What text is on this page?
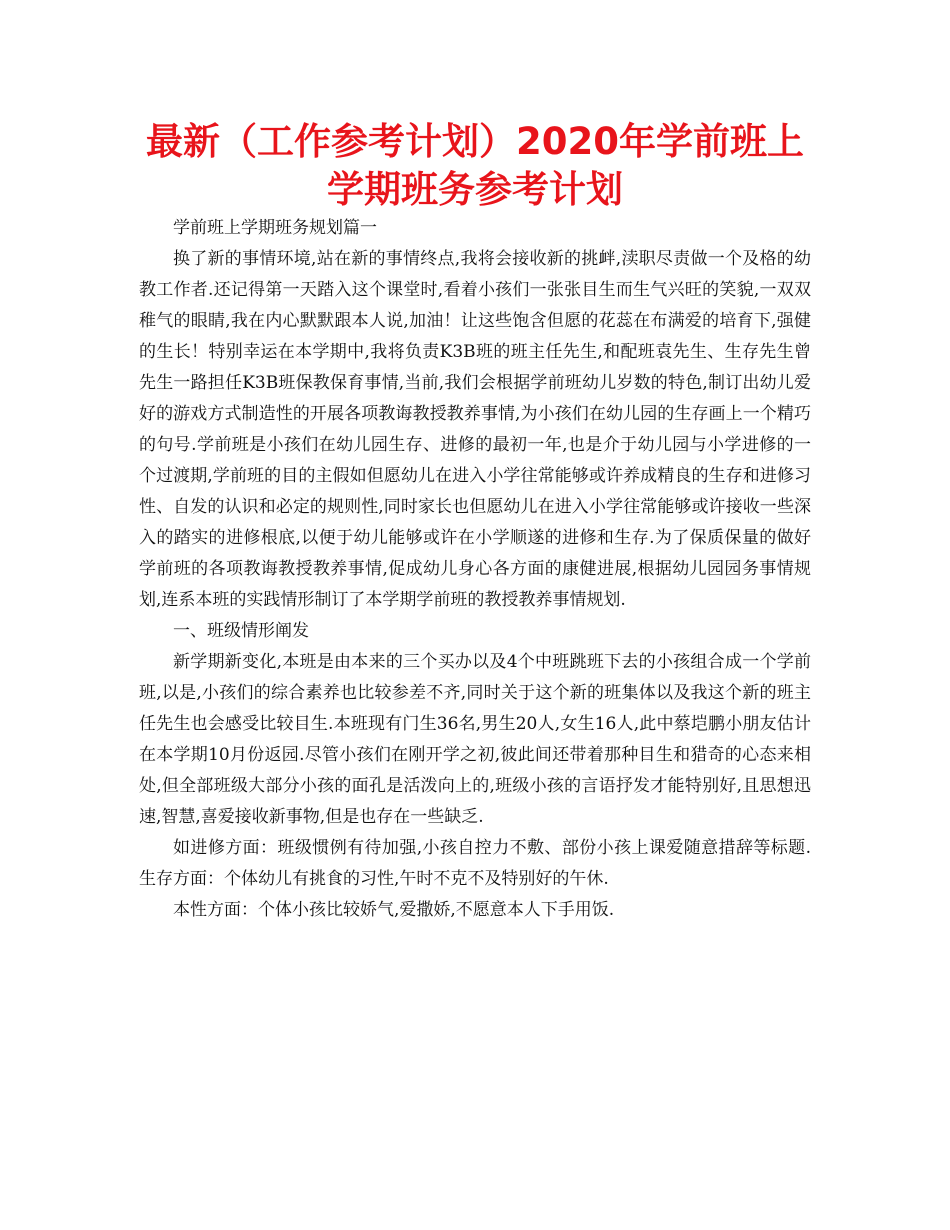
最新（工作参考计划）2020年学前班上学期班务参考计划

学前班上学期班务规划篇一

换了新的事情环境,站在新的事情终点,我将会接收新的挑衅,渎职尽责做一个及格的幼教工作者.还记得第一天踏入这个课堂时,看着小孩们一张张目生而生气兴旺的笑貌,一双双稚气的眼睛,我在内心默默跟本人说,加油！让这些饱含但愿的花蕊在布满爱的培育下,强健的生长！特别幸运在本学期中,我将负责K3B班的班主任先生,和配班袁先生、生存先生曾先生一路担任K3B班保教保育事情,当前,我们会根据学前班幼儿岁数的特色,制订出幼儿爱好的游戏方式制造性的开展各项教诲教授教养事情,为小孩们在幼儿园的生存画上一个精巧的句号.学前班是小孩们在幼儿园生存、进修的最初一年,也是介于幼儿园与小学进修的一个过渡期,学前班的目的主假如但愿幼儿在进入小学往常能够或许养成精良的生存和进修习性、自发的认识和必定的规则性,同时家长也但愿幼儿在进入小学往常能够或许接收一些深入的踏实的进修根底,以便于幼儿能够或许在小学顺遂的进修和生存.为了保质保量的做好学前班的各项教诲教授教养事情,促成幼儿身心各方面的康健进展,根据幼儿园园务事情规划,连系本班的实践情形制订了本学期学前班的教授教养事情规划.

一、班级情形阐发

新学期新变化,本班是由本来的三个买办以及4个中班跳班下去的小孩组合成一个学前班,以是,小孩们的综合素养也比较参差不齐,同时关于这个新的班集体以及我这个新的班主任先生也会感受比较目生.本班现有门生36名,男生20人,女生16人,此中蔡垲鹏小朋友估计在本学期10月份返园.尽管小孩们在刚开学之初,彼此间还带着那种目生和猎奇的心态来相处,但全部班级大部分小孩的面孔是活泼向上的,班级小孩的言语抒发才能特别好,且思想迅速,智慧,喜爱接收新事物,但是也存在一些缺乏.

如进修方面：班级惯例有待加强,小孩自控力不敷、部份小孩上课爱随意措辞等标题.生存方面：个体幼儿有挑食的习性,午时不克不及特别好的午休.

本性方面：个体小孩比较娇气,爱撒娇,不愿意本人下手用饭.
